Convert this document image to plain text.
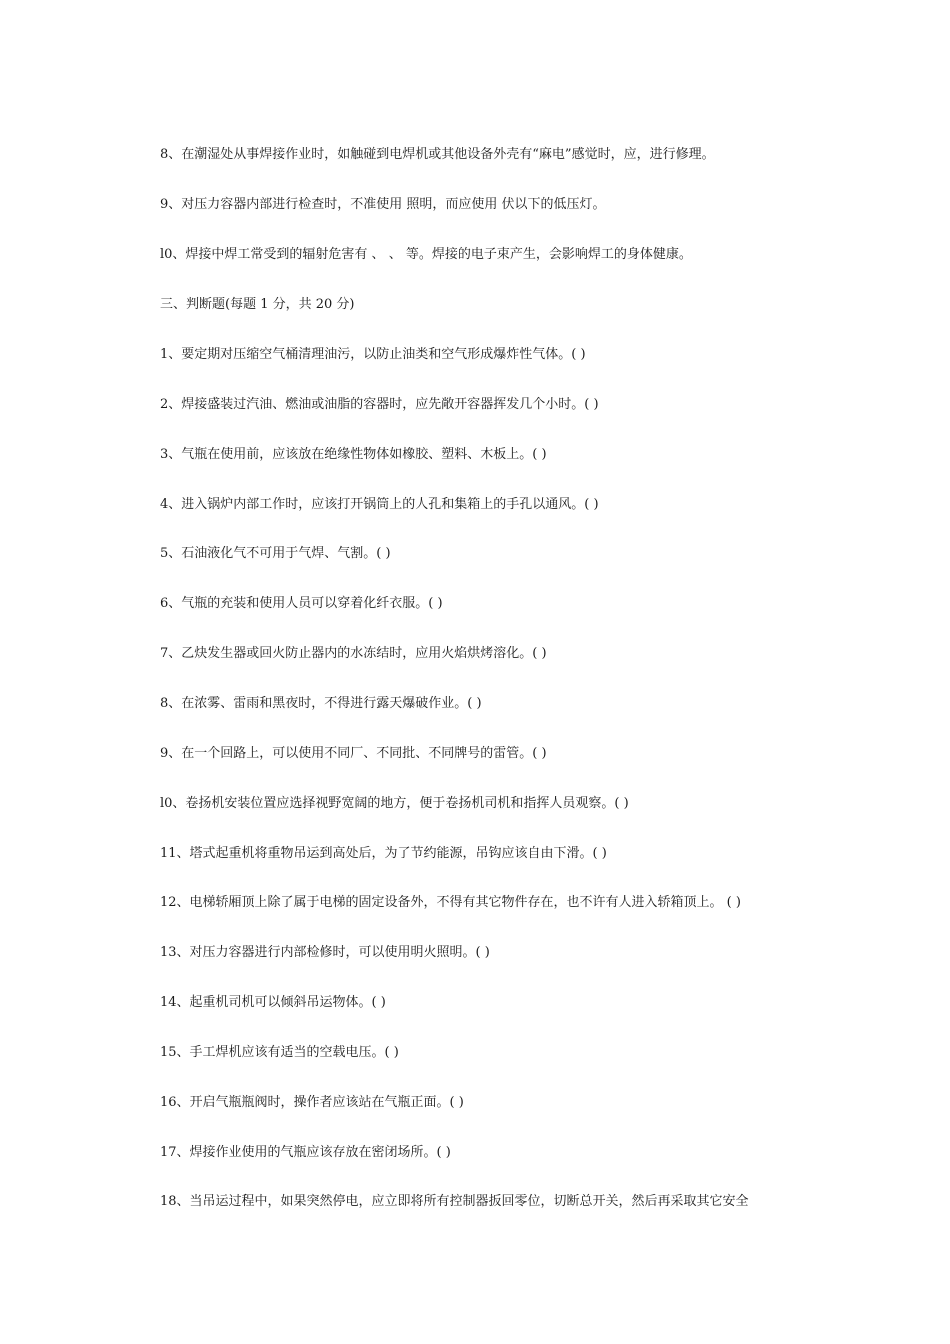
8、在潮湿处从事焊接作业时，如触碰到电焊机或其他设备外壳有“麻电”感觉时，应，进行修理。
9、对压力容器内部进行检查时，不准使用 照明，而应使用 伏以下的低压灯。
l0、焊接中焊工常受到的辐射危害有 、 、 等。焊接的电子束产生，会影响焊工的身体健康。
三、判断题(每题 1 分，共 20 分)
1、要定期对压缩空气桶清理油污，以防止油类和空气形成爆炸性气体。( )
2、焊接盛装过汽油、燃油或油脂的容器时，应先敞开容器挥发几个小时。( )
3、气瓶在使用前，应该放在绝缘性物体如橡胶、塑料、木板上。( )
4、进入锅炉内部工作时，应该打开锅筒上的人孔和集箱上的手孔以通风。( )
5、石油液化气不可用于气焊、气割。( )
6、气瓶的充装和使用人员可以穿着化纤衣服。( )
7、乙炔发生器或回火防止器内的水冻结时，应用火焰烘烤溶化。( )
8、在浓雾、雷雨和黑夜时，不得进行露天爆破作业。( )
9、在一个回路上，可以使用不同厂、不同批、不同牌号的雷管。( )
l0、卷扬机安装位置应选择视野宽阔的地方，便于卷扬机司机和指挥人员观察。( )
11、塔式起重机将重物吊运到高处后，为了节约能源，吊钩应该自由下滑。( )
12、电梯轿厢顶上除了属于电梯的固定设备外，不得有其它物件存在，也不许有人进入轿箱顶上。 ( )
13、对压力容器进行内部检修时，可以使用明火照明。( )
14、起重机司机可以倾斜吊运物体。( )
15、手工焊机应该有适当的空载电压。( )
16、开启气瓶瓶阀时，操作者应该站在气瓶正面。( )
17、焊接作业使用的气瓶应该存放在密闭场所。( )
18、当吊运过程中，如果突然停电，应立即将所有控制器扳回零位，切断总开关，然后再采取其它安全
